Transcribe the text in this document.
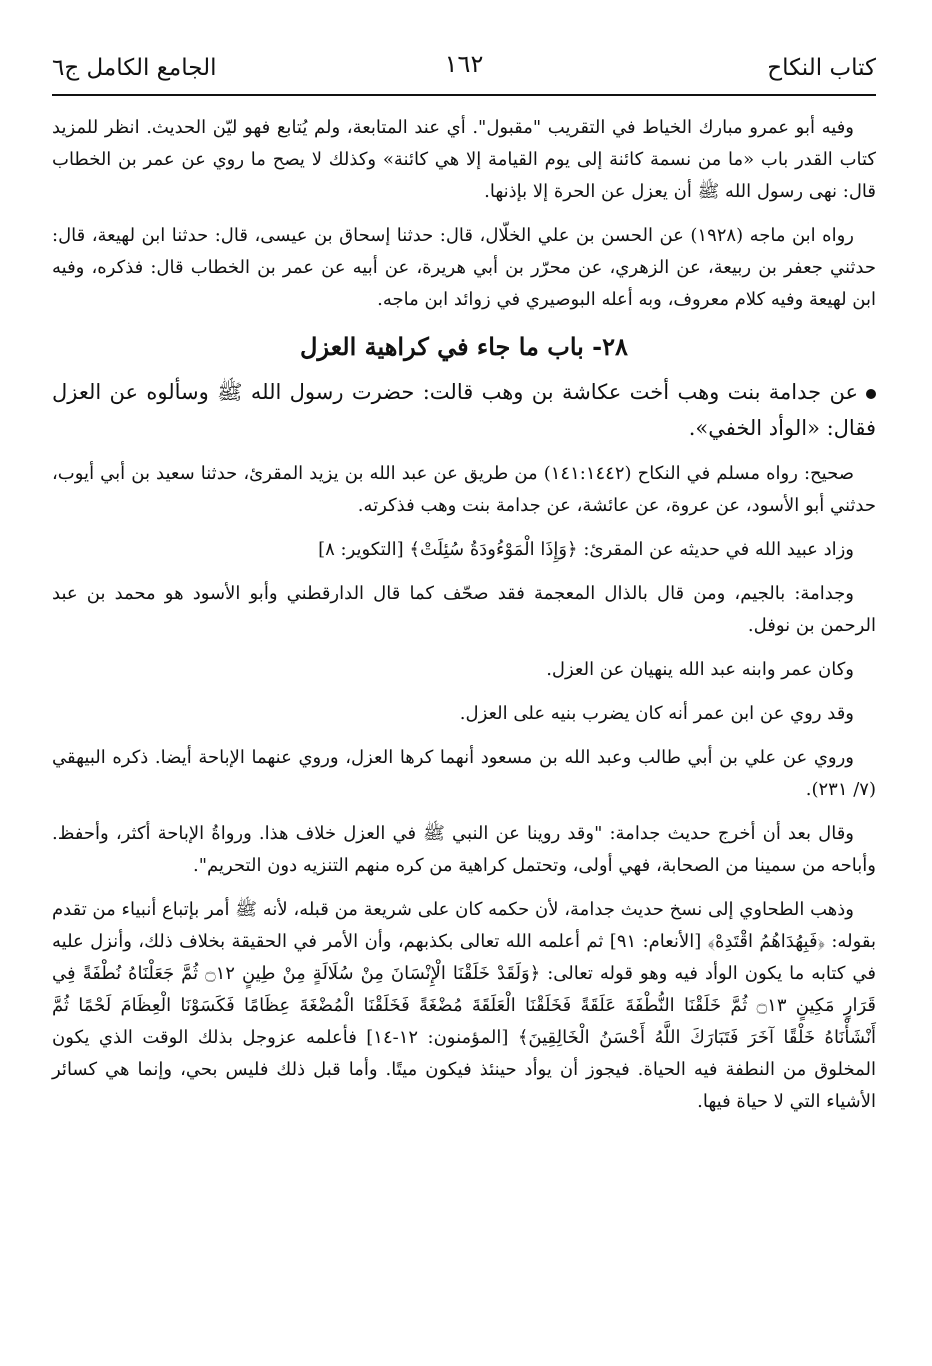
كتاب النكاح
١٦٢
الجامع الكامل ج٦

وفيه أبو عمرو مبارك الخياط في التقريب "مقبول". أي عند المتابعة، ولم يُتابع فهو ليّن الحديث. انظر للمزيد كتاب القدر باب «ما من نسمة كائنة إلى يوم القيامة إلا هي كائنة» وكذلك لا يصح ما روي عن عمر بن الخطاب قال: نهى رسول الله ﷺ أن يعزل عن الحرة إلا بإذنها.

رواه ابن ماجه (١٩٢٨) عن الحسن بن علي الخلّال، قال: حدثنا إسحاق بن عيسى، قال: حدثنا ابن لهيعة، قال: حدثني جعفر بن ربيعة، عن الزهري، عن محرّر بن أبي هريرة، عن أبيه عن عمر بن الخطاب قال: فذكره، وفيه ابن لهيعة وفيه كلام معروف، وبه أعله البوصيري في زوائد ابن ماجه.

٢٨- باب ما جاء في كراهية العزل

عن جدامة بنت وهب أخت عكاشة بن وهب قالت: حضرت رسول الله ﷺ وسألوه عن العزل فقال: «الوأد الخفي».

صحيح: رواه مسلم في النكاح (١٤١:١٤٤٢) من طريق عن عبد الله بن يزيد المقرئ، حدثنا سعيد بن أبي أيوب، حدثني أبو الأسود، عن عروة، عن عائشة، عن جدامة بنت وهب فذكرته.

وزاد عبيد الله في حديثه عن المقرئ: ﴿وَإِذَا الْمَوْءُودَةُ سُئِلَتْ﴾ [التكوير: ٨]

وجدامة: بالجيم، ومن قال بالذال المعجمة فقد صحّف كما قال الدارقطني وأبو الأسود هو محمد بن عبد الرحمن بن نوفل.

وكان عمر وابنه عبد الله ينهيان عن العزل.

وقد روي عن ابن عمر أنه كان يضرب بنيه على العزل.

وروي عن علي بن أبي طالب وعبد الله بن مسعود أنهما كرها العزل، وروي عنهما الإباحة أيضا. ذكره البيهقي (٧/ ٢٣١).

وقال بعد أن أخرج حديث جدامة: "وقد روينا عن النبي ﷺ في العزل خلاف هذا. ورواةُ الإباحة أكثر، وأحفظ. وأباحه من سمينا من الصحابة، فهي أولى، وتحتمل كراهية من كره منهم التنزيه دون التحريم".

وذهب الطحاوي إلى نسخ حديث جدامة، لأن حكمه كان على شريعة من قبله، لأنه ﷺ أمر بإتباع أنبياء من تقدم بقوله: ﴿فَبِهُدَاهُمُ اقْتَدِهْ﴾ [الأنعام: ٩١] ثم أعلمه الله تعالى بكذبهم، وأن الأمر في الحقيقة بخلاف ذلك، وأنزل عليه في كتابه ما يكون الوأد فيه وهو قوله تعالى: ﴿وَلَقَدْ خَلَقْنَا الْإِنْسَانَ مِنْ سُلَالَةٍ مِنْ طِينٍ ۝١٢ ثُمَّ جَعَلْنَاهُ نُطْفَةً فِي قَرَارٍ مَكِينٍ ۝١٣ ثُمَّ خَلَقْنَا النُّطْفَةَ عَلَقَةً فَخَلَقْنَا الْعَلَقَةَ مُضْغَةً فَخَلَقْنَا الْمُضْغَةَ عِظَامًا فَكَسَوْنَا الْعِظَامَ لَحْمًا ثُمَّ أَنْشَأْنَاهُ خَلْقًا آخَرَ فَتَبَارَكَ اللَّهُ أَحْسَنُ الْخَالِقِينَ﴾ [المؤمنون: ١٢-١٤] فأعلمه عزوجل بذلك الوقت الذي يكون المخلوق من النطفة فيه الحياة. فيجوز أن يوأد حينئذ فيكون ميتًا. وأما قبل ذلك فليس بحي، وإنما هي كسائر الأشياء التي لا حياة فيها.
